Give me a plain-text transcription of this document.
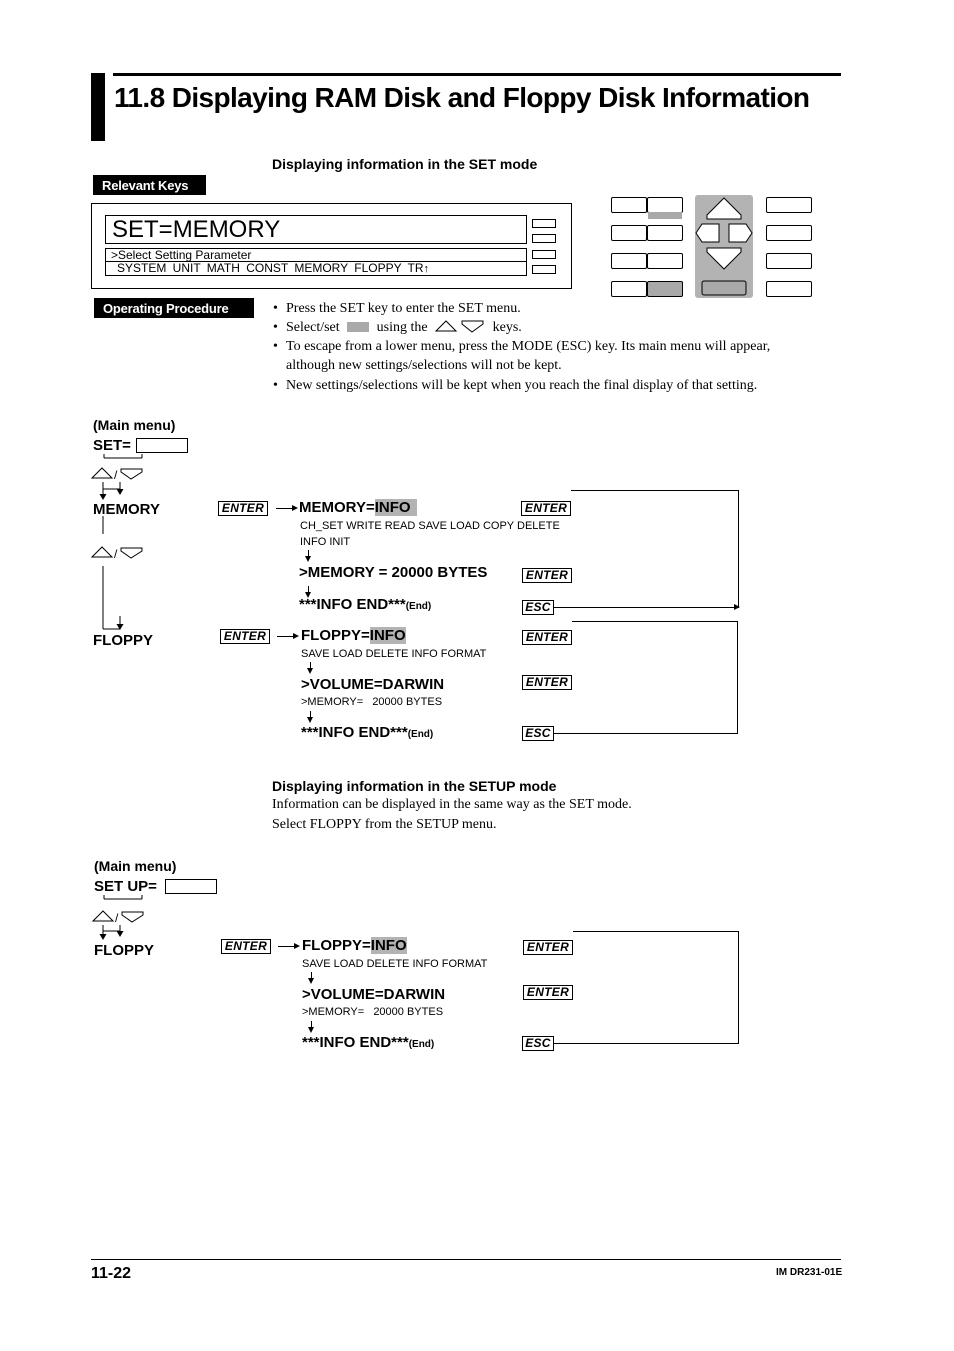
11.8 Displaying RAM Disk and Floppy Disk Information
Displaying information in the SET mode
Relevant Keys
SET=MEMORY
>Select Setting Parameter
SYSTEM UNIT MATH CONST MEMORY FLOPPY TR↑
Operating Procedure	• Press the SET key to enter the SET menu.
• Select/set	using the	keys.
• To escape from a lower menu, press the MODE (ESC) key. Its main menu will appear,
although new settings/selections will not be kept.
• New settings/selections will be kept when you reach the final display of that setting.
(Main menu)
SET=
/
/
MEMORY	ENTER MEMORY=INFO	ENTER
CH_SET WRITE READ SAVE LOAD COPY DELETE
INFO INIT
>MEMORY = 20000 BYTES	ENTER
***INFO END***(End)	ESC
FLOPPY	ENTER FLOPPY=INFO	ENTER
SAVE LOAD DELETE INFO FORMAT
>VOLUME=DARWIN	ENTER
>MEMORY=   20000 BYTES
***INFO END***(End)	ESC
Displaying information in the SETUP mode
Information can be displayed in the same way as the SET mode.
Select FLOPPY from the SETUP menu.
(Main menu)
SET UP=
/
FLOPPY	ENTER FLOPPY=INFO	ENTER
SAVE LOAD DELETE INFO FORMAT
>VOLUME=DARWIN	ENTER
>MEMORY=   20000 BYTES
***INFO END***(End)	ESC
11-22	IM DR231-01E
